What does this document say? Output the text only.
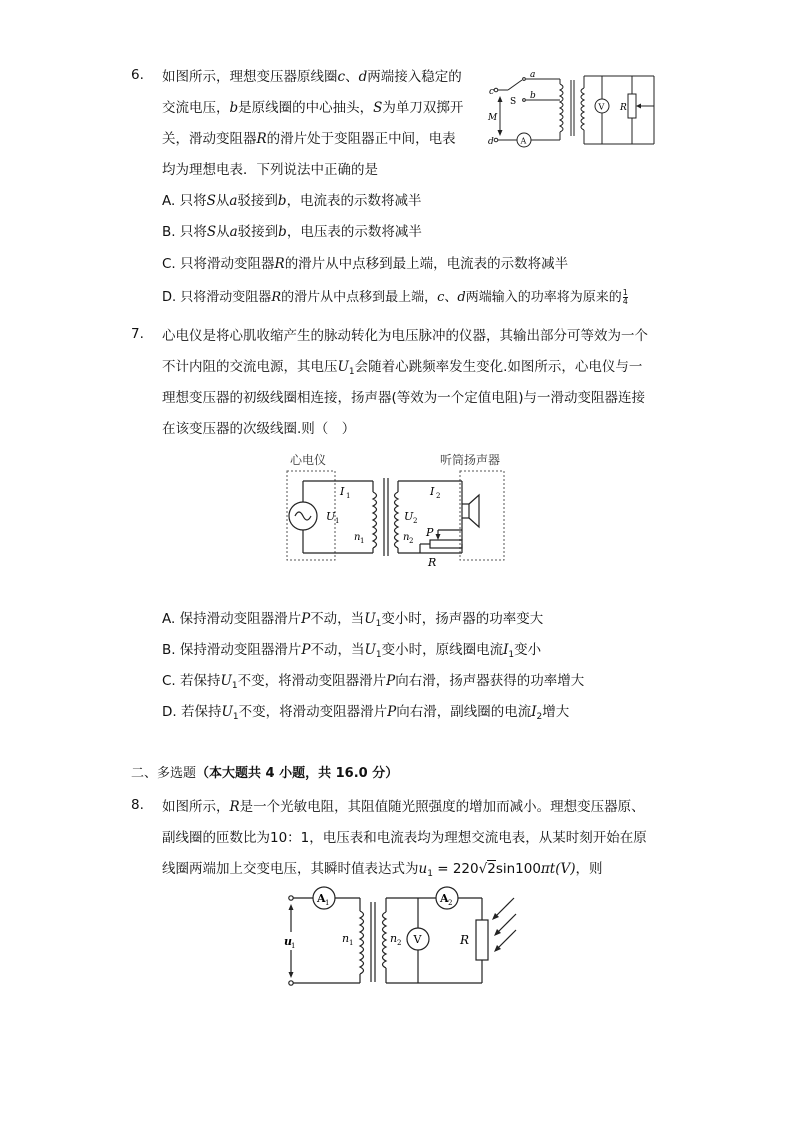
6. 如图所示，理想变压器原线圈c、d两端接入稳定的
交流电压，b是原线圈的中心抽头，S为单刀双掷开
关，滑动变阻器R的滑片处于变阻器正中间，电表
均为理想电表．下列说法中正确的是
c
a
S
b
M
d	A
V R
A. 只将S从a驳接到b，电流表的示数将减半
B. 只将S从a驳接到b，电压表的示数将减半
C. 只将滑动变阻器R的滑片从中点移到最上端，电流表的示数将减半
D. 只将滑动变阻器R的滑片从中点移到最上端，c、d两端输入的功率将为原来的 $\frac{1}{4}$
7. 心电仪是将心肌收缩产生的脉动转化为电压脉冲的仪器，其输出部分可等效为一个
不计内阻的交流电源，其电压$U_1$会随着心跳频率发生变化.如图所示，心电仪与一
理想变压器的初级线圈相连接，扬声器(等效为一个定值电阻)与一滑动变阻器连接
在该变压器的次级线圈.则（　）
心电仪	听筒扬声器
I 1
U 1
n 1
U 2
I 2
n 2
P
R
A. 保持滑动变阻器滑片P不动，当$U_1$变小时，扬声器的功率变大
B. 保持滑动变阻器滑片P不动，当$U_1$变小时，原线圈电流$I_1$变小
C. 若保持$U_1$不变，将滑动变阻器滑片P向右滑，扬声器获得的功率增大
D. 若保持$U_1$不变，将滑动变阻器滑片P向右滑，副线圈的电流$I_2$增大
二、多选题（本大题共 4 小题，共 16.0 分）
8. 如图所示，R是一个光敏电阻，其阻值随光照强度的增加而减小。理想变压器原、
副线圈的匝数比为10：1，电压表和电流表均为理想交流电表，从某时刻开始在原
线圈两端加上交变电压，其瞬时值表达式为$u_1 = 220√2\sin 100\pi t(V)$，则
A 1	A 2
u 1
n 1	n 2 V	R
